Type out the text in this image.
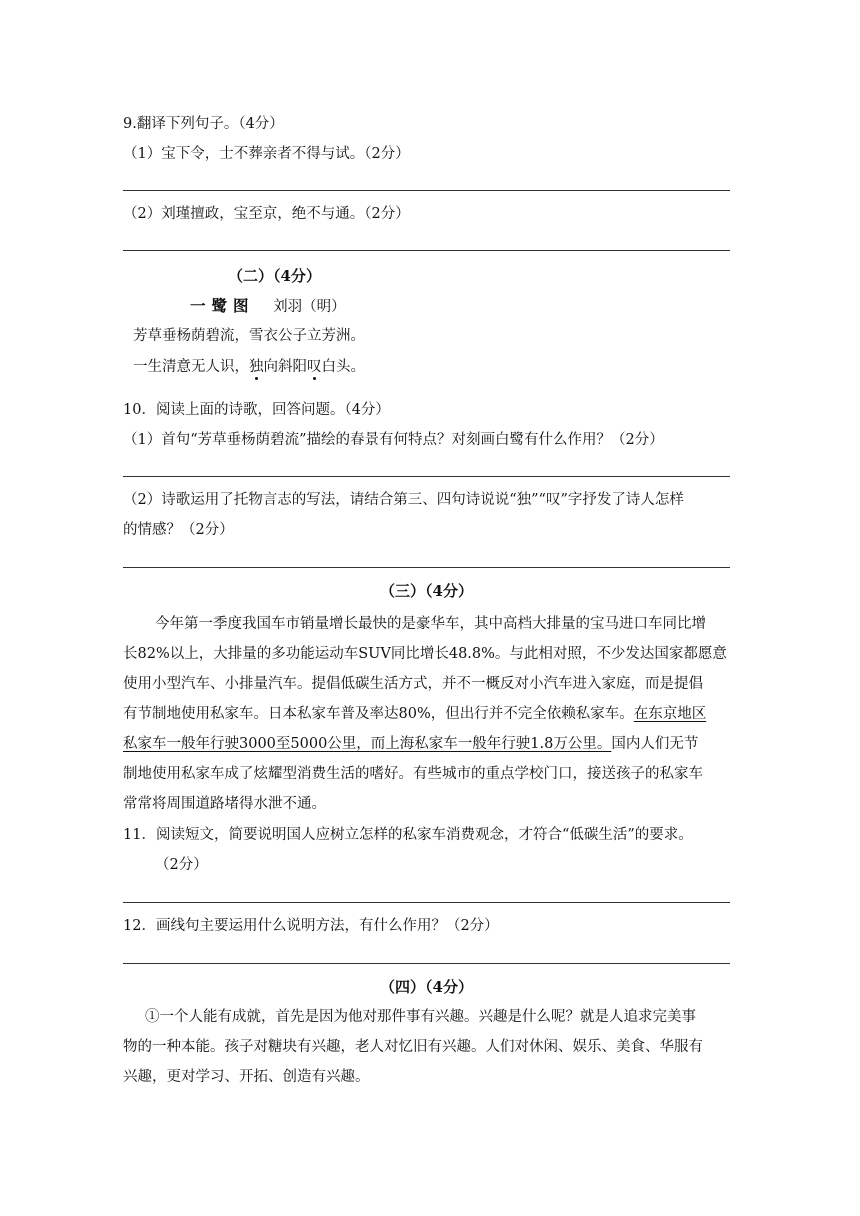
9.翻译下列句子。（4分）
（1）宝下令，士不葬亲者不得与试。（2分）
（2）刘瑾擅政，宝至京，绝不与通。（2分）
（二）（4分）
一鹭图 刘羽（明）
芳草垂杨荫碧流，雪衣公子立芳洲。
一生清意无人识，独向斜阳叹白头。
10．阅读上面的诗歌，回答问题。（4分）
（1）首句“芳草垂杨荫碧流”描绘的春景有何特点？对刻画白鹭有什么作用？（2分）
（2）诗歌运用了托物言志的写法，请结合第三、四句诗说说“独”“叹”字抒发了诗人怎样
的情感？（2分）
（三）（4分）
今年第一季度我国车市销量增长最快的是豪华车，其中高档大排量的宝马进口车同比增
长82%以上，大排量的多功能运动车SUV同比增长48.8%。与此相对照，不少发达国家都愿意
使用小型汽车、小排量汽车。提倡低碳生活方式，并不一概反对小汽车进入家庭，而是提倡
有节制地使用私家车。日本私家车普及率达80%，但出行并不完全依赖私家车。在东京地区
私家车一般年行驶3000至5000公里，而上海私家车一般年行驶1.8万公里。国内人们无节
制地使用私家车成了炫耀型消费生活的嗜好。有些城市的重点学校门口，接送孩子的私家车
常常将周围道路堵得水泄不通。
11．阅读短文，简要说明国人应树立怎样的私家车消费观念，才符合“低碳生活”的要求。
（2分）
12．画线句主要运用什么说明方法，有什么作用？（2分）
（四）（4分）
①一个人能有成就，首先是因为他对那件事有兴趣。兴趣是什么呢？就是人追求完美事
物的一种本能。孩子对糖块有兴趣，老人对忆旧有兴趣。人们对休闲、娱乐、美食、华服有
兴趣，更对学习、开拓、创造有兴趣。
